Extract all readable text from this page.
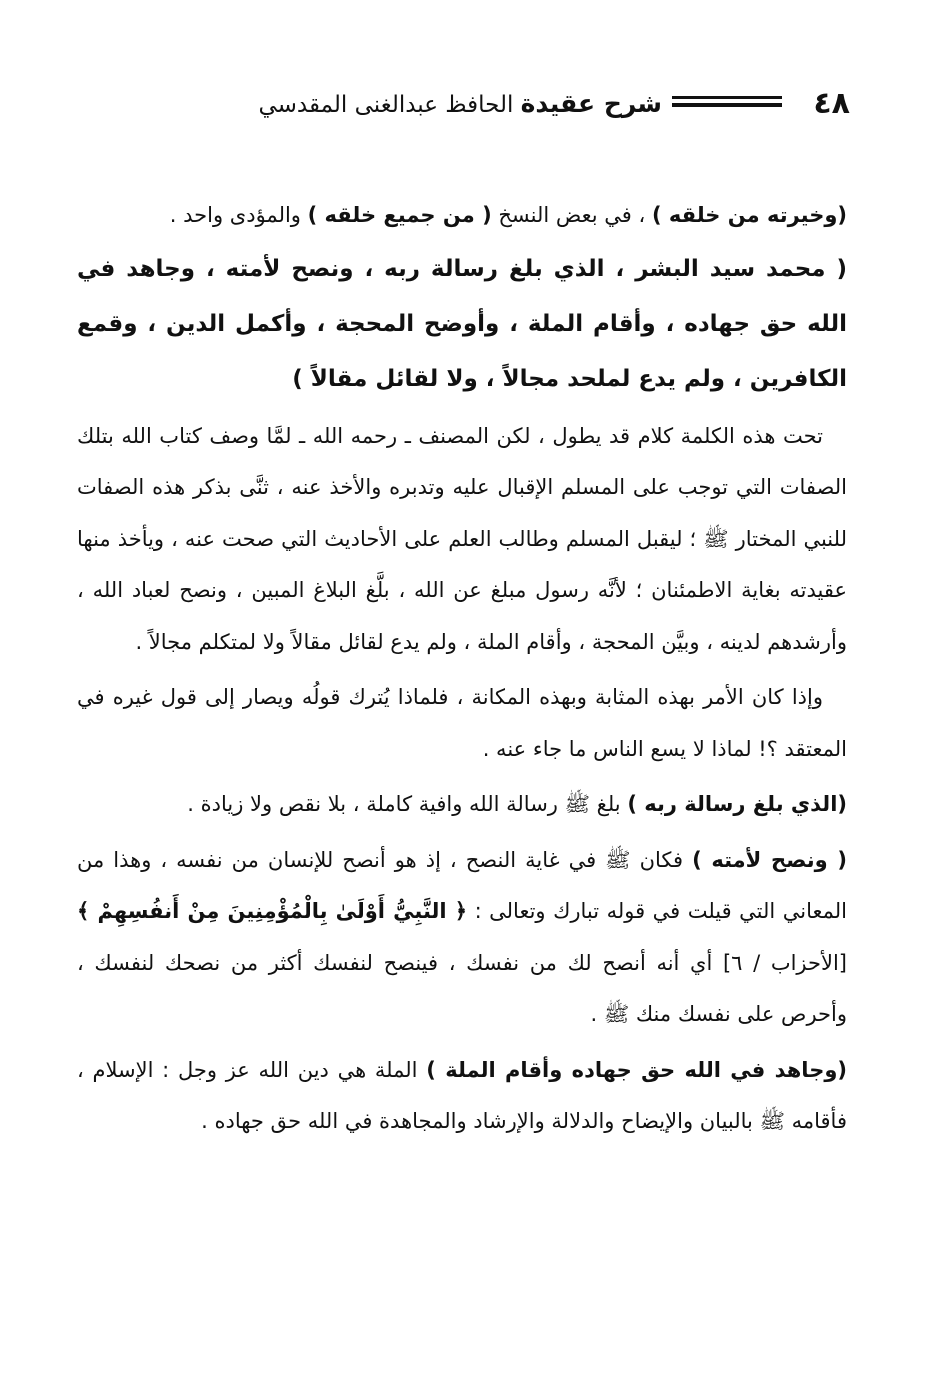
٤٨
شرح عقيدة الحافظ عبدالغنى المقدسي

(وخيرته من خلقه ) ، في بعض النسخ ( من جميع خلقه ) والمؤدى واحد .

( محمد سيد البشر ، الذي بلغ رسالة ربه ، ونصح لأمته ، وجاهد في الله حق جهاده ، وأقام الملة ، وأوضح المحجة ، وأكمل الدين ، وقمع الكافرين ، ولم يدع لملحد مجالاً ، ولا لقائل مقالاً )

تحت هذه الكلمة كلام قد يطول ، لكن المصنف ـ رحمه الله ـ لمَّا وصف كتاب الله بتلك الصفات التي توجب على المسلم الإقبال عليه وتدبره والأخذ عنه ، ثنَّى بذكر هذه الصفات للنبي المختار ﷺ ؛ ليقبل المسلم وطالب العلم على الأحاديث التي صحت عنه ، ويأخذ منها عقيدته بغاية الاطمئنان ؛ لأنَّه رسول مبلغ عن الله ، بلَّغ البلاغ المبين ، ونصح لعباد الله ، وأرشدهم لدينه ، وبيَّن المحجة ، وأقام الملة ، ولم يدع لقائل مقالاً ولا لمتكلم مجالاً .

وإذا كان الأمر بهذه المثابة وبهذه المكانة ، فلماذا يُترك قولُه ويصار إلى قول غيره في المعتقد ؟! لماذا لا يسع الناس ما جاء عنه .

(الذي بلغ رسالة ربه ) بلغ ﷺ رسالة الله وافية كاملة ، بلا نقص ولا زيادة .

( ونصح لأمته ) فكان ﷺ في غاية النصح ، إذ هو أنصح للإنسان من نفسه ، وهذا من المعاني التي قيلت في قوله تبارك وتعالى : ﴿ النَّبِيُّ أَوْلَىٰ بِالْمُؤْمِنِينَ مِنْ أَنفُسِهِمْ ﴾ [الأحزاب / ٦] أي أنه أنصح لك من نفسك ، فينصح لنفسك أكثر من نصحك لنفسك ، وأحرص على نفسك منك ﷺ .

(وجاهد في الله حق جهاده وأقام الملة ) الملة هي دين الله عز وجل : الإسلام ، فأقامه ﷺ بالبيان والإيضاح والدلالة والإرشاد والمجاهدة في الله حق جهاده .
